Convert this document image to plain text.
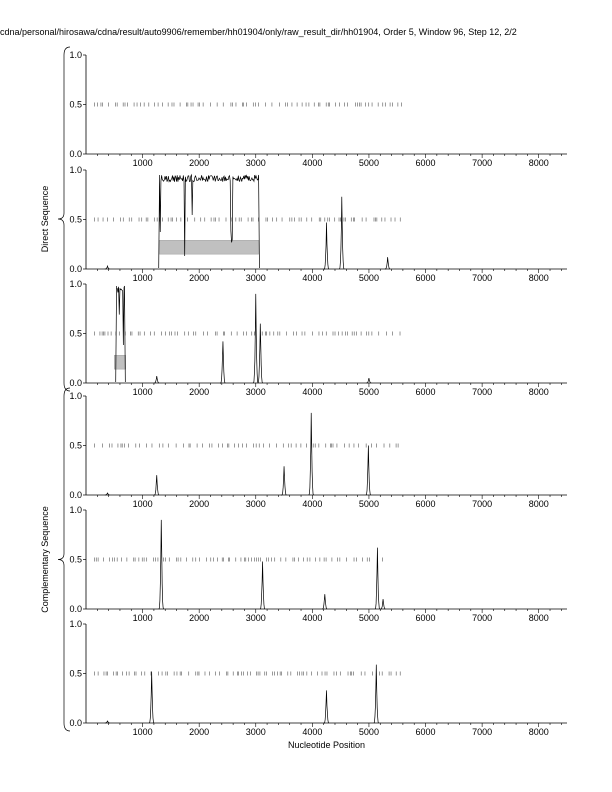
cdna/personal/hirosawa/cdna/result/auto9906/remember/hh01904/only/raw_result_dir/hh01904, Order 5, Window 96, Step 12, 2/2
0.0
0.5
1.0
1000	2000	3000	4000	5000	6000	7000	8000
0.0
0.5
1.0
1000	2000	3000	4000	5000	6000	7000	8000
0.0
0.5
1.0
1000	2000	3000	4000	5000	6000	7000	8000
0.0
0.5
1.0
1000	2000	3000	4000	5000	6000	7000	8000
0.0
0.5
1.0
1000	2000	3000	4000	5000	6000	7000	8000
0.0
0.5
1.0
1000	2000	3000	4000	5000	6000	7000	8000
Direct Sequence
Complementary Sequence
Nucleotide Position
